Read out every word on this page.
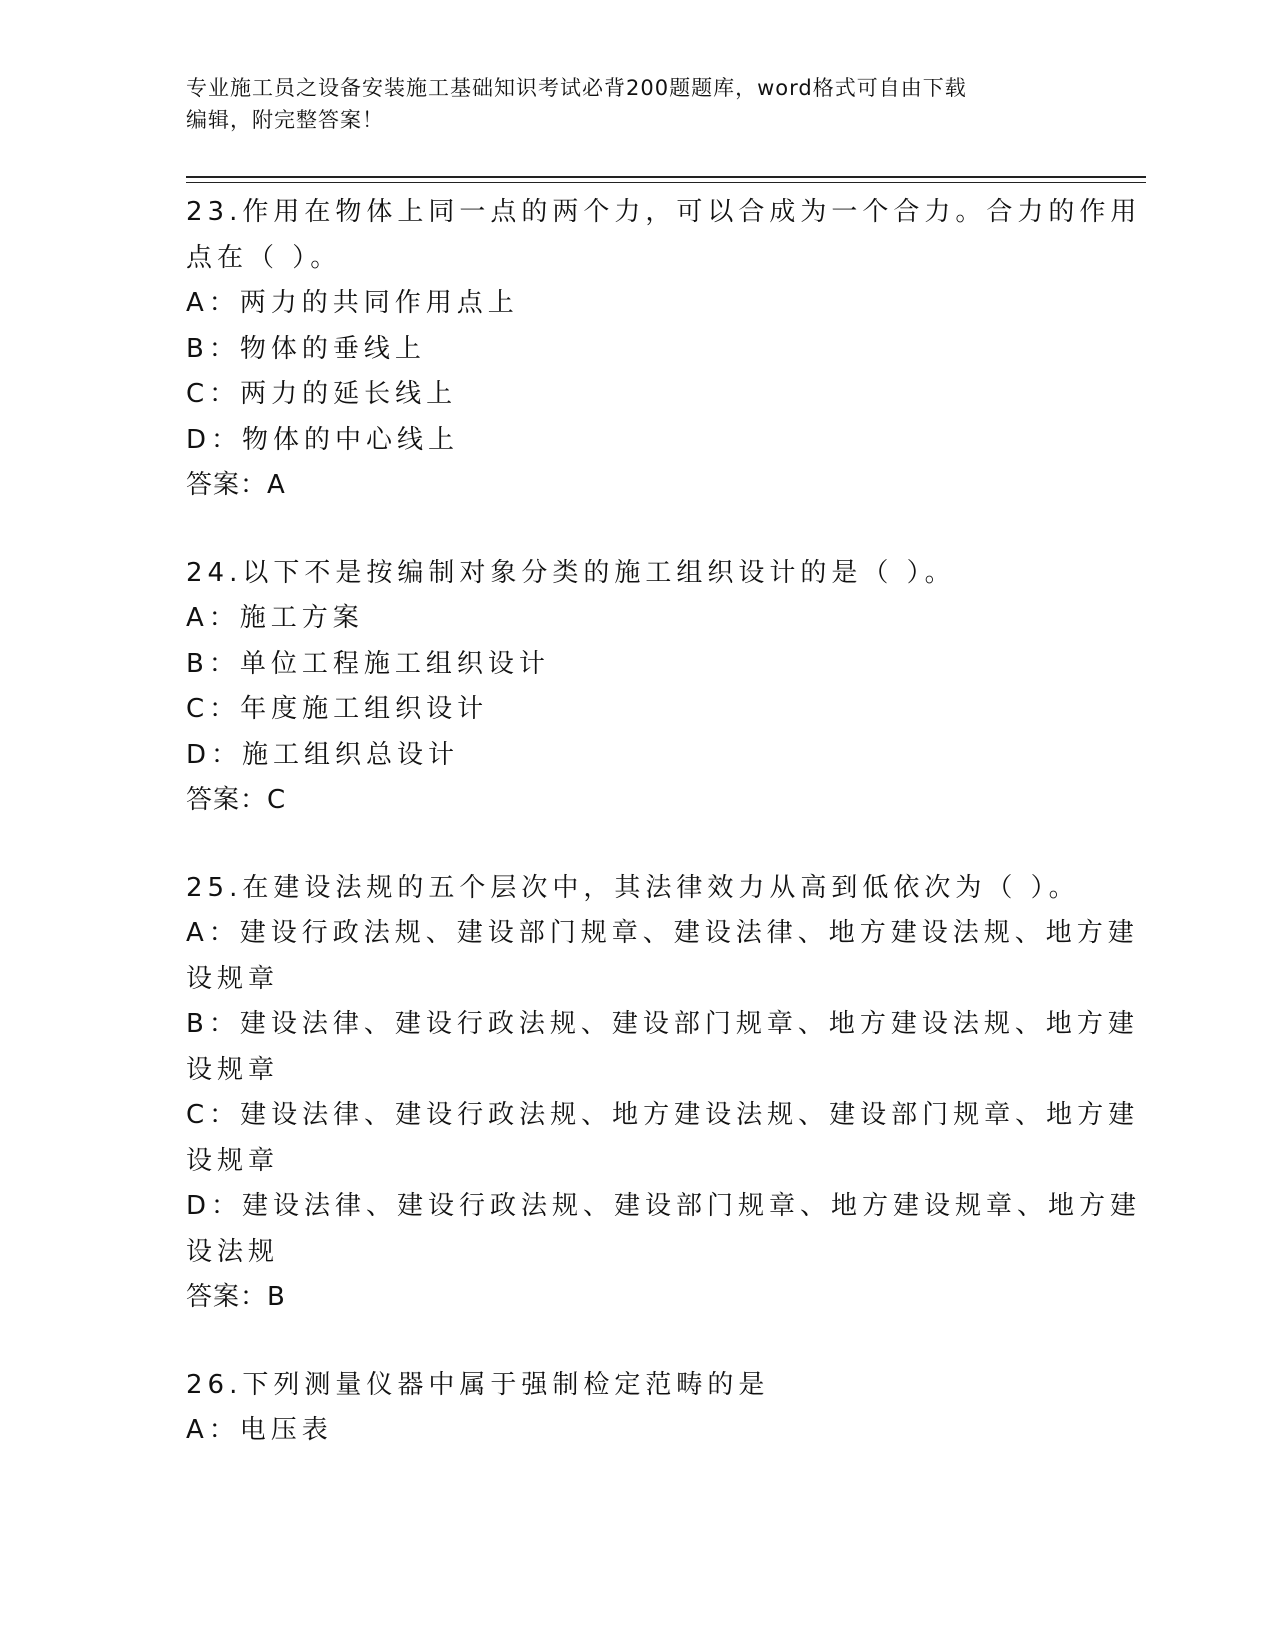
专业施工员之设备安装施工基础知识考试必背200题题库，word格式可自由下载
编辑，附完整答案！
23.作用在物体上同一点的两个力，可以合成为一个合力。合力的作用
点在（ ）。
A：两力的共同作用点上
B：物体的垂线上
C：两力的延长线上
D：物体的中心线上
答案：A
24.以下不是按编制对象分类的施工组织设计的是（ ）。
A：施工方案
B：单位工程施工组织设计
C：年度施工组织设计
D：施工组织总设计
答案：C
25.在建设法规的五个层次中，其法律效力从高到低依次为（ ）。
A：建设行政法规、建设部门规章、建设法律、地方建设法规、地方建
设规章
B：建设法律、建设行政法规、建设部门规章、地方建设法规、地方建
设规章
C：建设法律、建设行政法规、地方建设法规、建设部门规章、地方建
设规章
D：建设法律、建设行政法规、建设部门规章、地方建设规章、地方建
设法规
答案：B
26.下列测量仪器中属于强制检定范畴的是
A：电压表
